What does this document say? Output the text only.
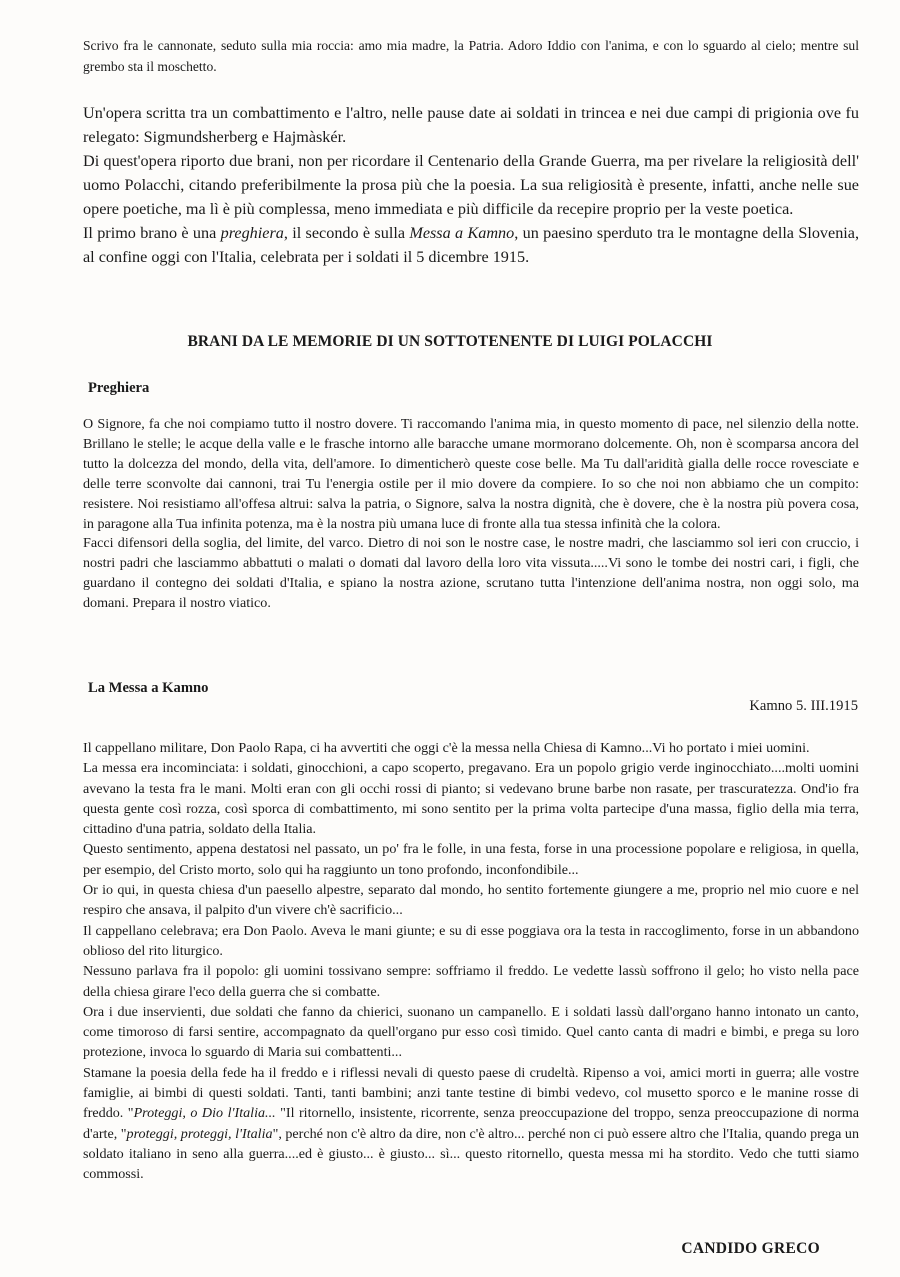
Scrivo fra le cannonate, seduto sulla mia roccia: amo mia madre, la Patria. Adoro Iddio con l'anima, e con lo sguardo al cielo; mentre sul grembo sta il moschetto.

Un'opera scritta tra un combattimento e l'altro, nelle pause date ai soldati in trincea e nei due campi di prigionia ove fu relegato: Sigmundsherberg e Hajmàskér.

Di quest'opera riporto due brani, non per ricordare il Centenario della Grande Guerra, ma per rivelare la religiosità dell' uomo Polacchi, citando preferibilmente la prosa più che la poesia. La sua religiosità è presente, infatti, anche nelle sue opere poetiche, ma lì è più complessa, meno immediata e più difficile da recepire proprio per la veste poetica.

Il primo brano è una preghiera, il secondo è sulla Messa a Kamno, un paesino sperduto tra le montagne della Slovenia, al confine oggi con l'Italia, celebrata per i soldati il 5 dicembre 1915.

BRANI DA LE MEMORIE DI UN SOTTOTENENTE DI LUIGI POLACCHI
Preghiera

O Signore, fa che noi compiamo tutto il nostro dovere. Ti raccomando l'anima mia, in questo momento di pace, nel silenzio della notte. Brillano le stelle; le acque della valle e le frasche intorno alle baracche umane mormorano dolcemente. Oh, non è scomparsa ancora del tutto la dolcezza del mondo, della vita, dell'amore. Io dimenticherò queste cose belle. Ma Tu dall'aridità gialla delle rocce rovesciate e delle terre sconvolte dai cannoni, trai Tu l'energia ostile per il mio dovere da compiere. Io so che noi non abbiamo che un compito: resistere. Noi resistiamo all'offesa altrui: salva la patria, o Signore, salva la nostra dignità, che è dovere, che è la nostra più povera cosa, in paragone alla Tua infinita potenza, ma è la nostra più umana luce di fronte alla tua stessa infinità che la colora.

Facci difensori della soglia, del limite, del varco. Dietro di noi son le nostre case, le nostre madri, che lasciammo sol ieri con cruccio, i nostri padri che lasciammo abbattuti o malati o domati dal lavoro della loro vita vissuta.....Vi sono le tombe dei nostri cari, i figli, che guardano il contegno dei soldati d'Italia, e spiano la nostra azione, scrutano tutta l'intenzione dell'anima nostra, non oggi solo, ma domani. Prepara il nostro viatico.

La Messa a Kamno
Kamno 5. III.1915

Il cappellano militare, Don Paolo Rapa, ci ha avvertiti che oggi c'è la messa nella Chiesa di Kamno...Vi ho portato i miei uomini.

La messa era incominciata: i soldati, ginocchioni, a capo scoperto, pregavano. Era un popolo grigio verde inginocchiato....molti uomini avevano la testa fra le mani. Molti eran con gli occhi rossi di pianto; si vedevano brune barbe non rasate, per trascuratezza. Ond'io fra questa gente così rozza, così sporca di combattimento, mi sono sentito per la prima volta partecipe d'una massa, figlio della mia terra, cittadino d'una patria, soldato della Italia.

Questo sentimento, appena destatosi nel passato, un po' fra le folle, in una festa, forse in una processione popolare e religiosa, in quella, per esempio, del Cristo morto, solo qui ha raggiunto un tono profondo, inconfondibile...

Or io qui, in questa chiesa d'un paesello alpestre, separato dal mondo, ho sentito fortemente giungere a me, proprio nel mio cuore e nel respiro che ansava, il palpito d'un vivere ch'è sacrificio...

Il cappellano celebrava; era Don Paolo. Aveva le mani giunte; e su di esse poggiava ora la testa in raccoglimento, forse in un abbandono oblioso del rito liturgico.

Nessuno parlava fra il popolo: gli uomini tossivano sempre: soffriamo il freddo. Le vedette lassù soffrono il gelo; ho visto nella pace della chiesa girare l'eco della guerra che si combatte.

Ora i due inservienti, due soldati che fanno da chierici, suonano un campanello. E i soldati lassù dall'organo hanno intonato un canto, come timoroso di farsi sentire, accompagnato da quell'organo pur esso così timido. Quel canto canta di madri e bimbi, e prega su loro protezione, invoca lo sguardo di Maria sui combattenti...

Stamane la poesia della fede ha il freddo e i riflessi nevali di questo paese di crudeltà. Ripenso a voi, amici morti in guerra; alle vostre famiglie, ai bimbi di questi soldati. Tanti, tanti bambini; anzi tante testine di bimbi vedevo, col musetto sporco e le manine rosse di freddo. "Proteggi, o Dio l'Italia... "Il ritornello, insistente, ricorrente, senza preoccupazione del troppo, senza preoccupazione di norma d'arte, "proteggi, proteggi, l'Italia", perché non c'è altro da dire, non c'è altro... perché non ci può essere altro che l'Italia, quando prega un soldato italiano in seno alla guerra....ed è giusto... è giusto... sì... questo ritornello, questa messa mi ha stordito. Vedo che tutti siamo commossi.

CANDIDO GRECO
